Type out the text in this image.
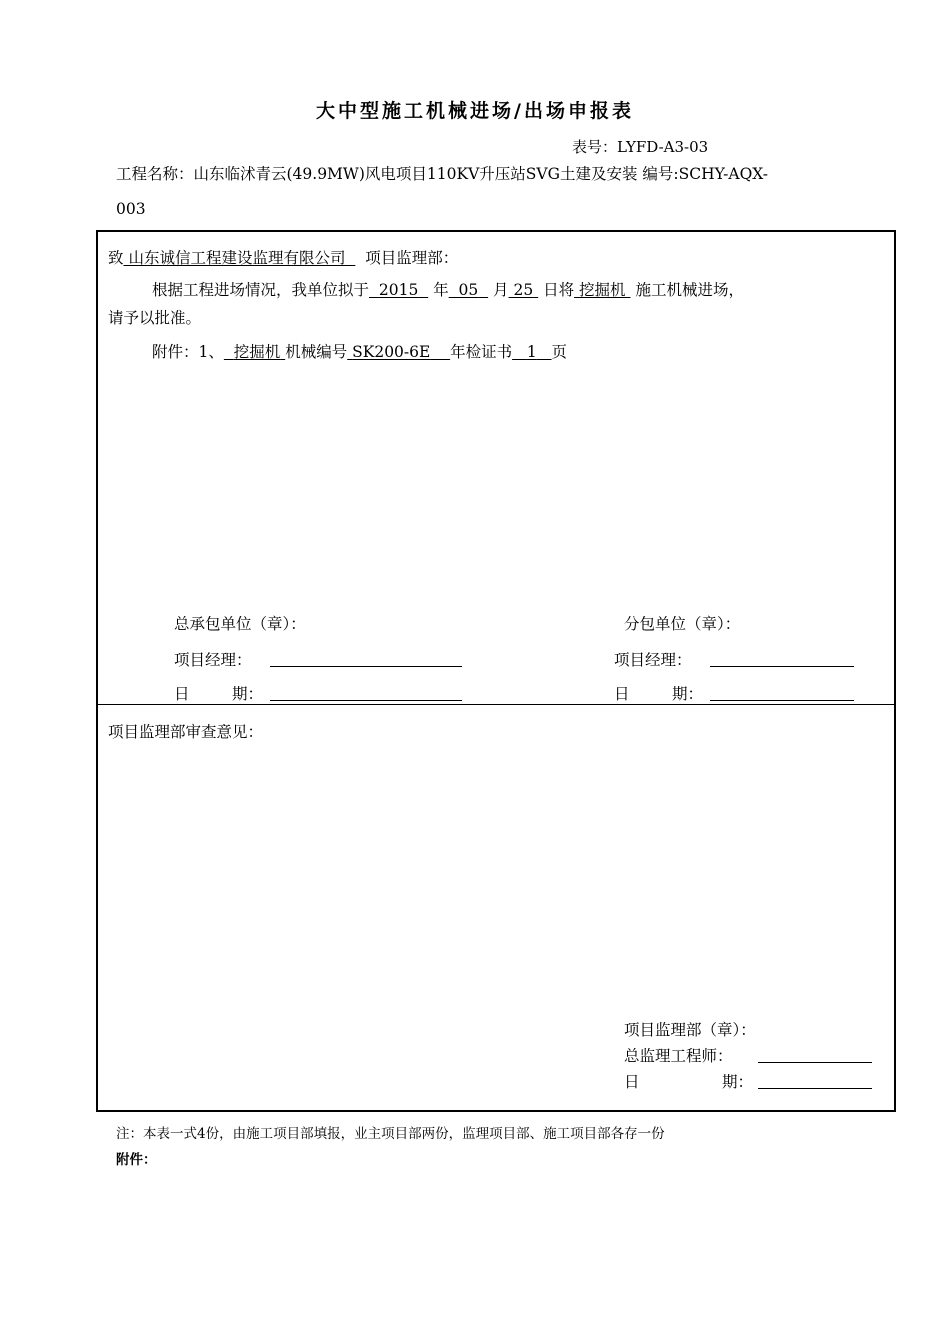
大中型施工机械进场/出场申报表
表号：LYFD-A3-03
工程名称：山东临沭青云(49.9MW)风电项目110KV升压站SVG土建及安装 编号:SCHY-AQX-
003
致 山东诚信工程建设监理有限公司 项目监理部：
根据工程进场情况，我单位拟于 2015 年 05 月 25 日将 挖掘机 施工机械进场，
请予以批准。
附件：1、 挖掘机 机械编号 SK200-6E 年检证书 1 页
总承包单位（章）：	分包单位（章）：
项目经理：	项目经理：
日	期：	日	期：
项目监理部审查意见：
项目监理部（章）：
总监理工程师：
日	期：
注：本表一式4份，由施工项目部填报，业主项目部两份，监理项目部、施工项目部各存一份
附件：
